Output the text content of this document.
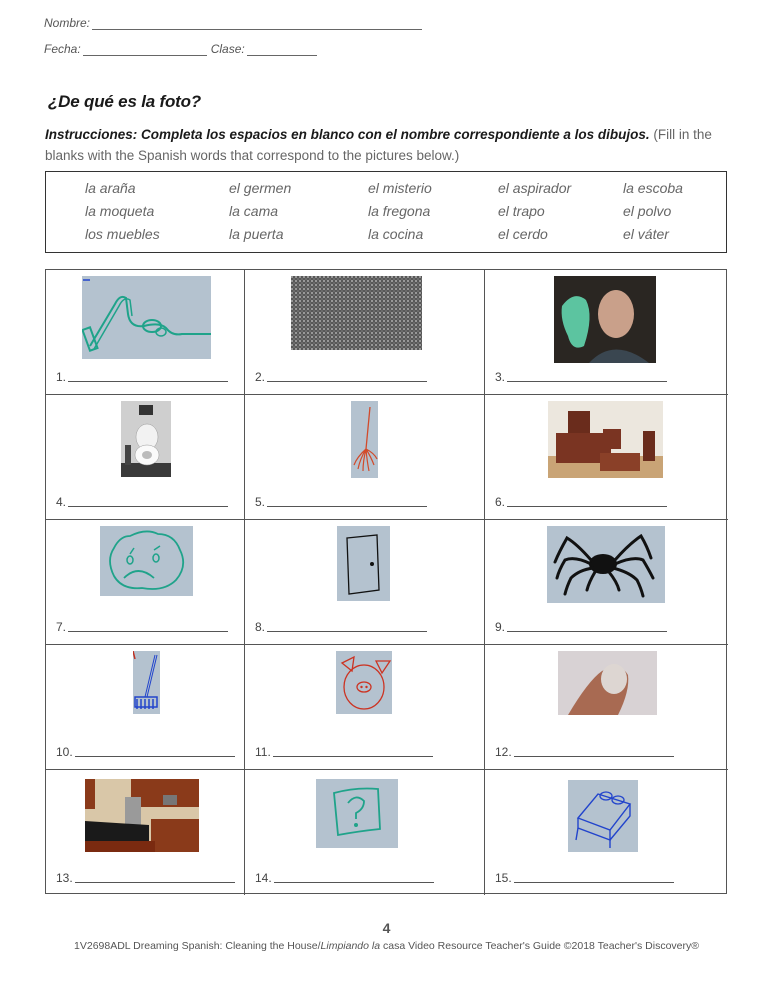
Nombre:
Fecha:	Clase:
¿De qué es la foto?
Instrucciones: Completa los espacios en blanco con el nombre correspondiente a los dibujos. (Fill in the blanks with the Spanish words that correspond to the pictures below.)
la araña	el germen	el misterio	el aspirador	la escoba
la moqueta	la cama	la fregona	el trapo	el polvo
los muebles	la puerta	la cocina	el cerdo	el váter
1.	2.	3.
4.	5.	6.
7.	8.	9.
10.	11.	12.
13.	14.	15.
4
1V2698ADL Dreaming Spanish: Cleaning the House/Limpiando la casa Video Resource Teacher's Guide ©2018 Teacher's Discovery®
